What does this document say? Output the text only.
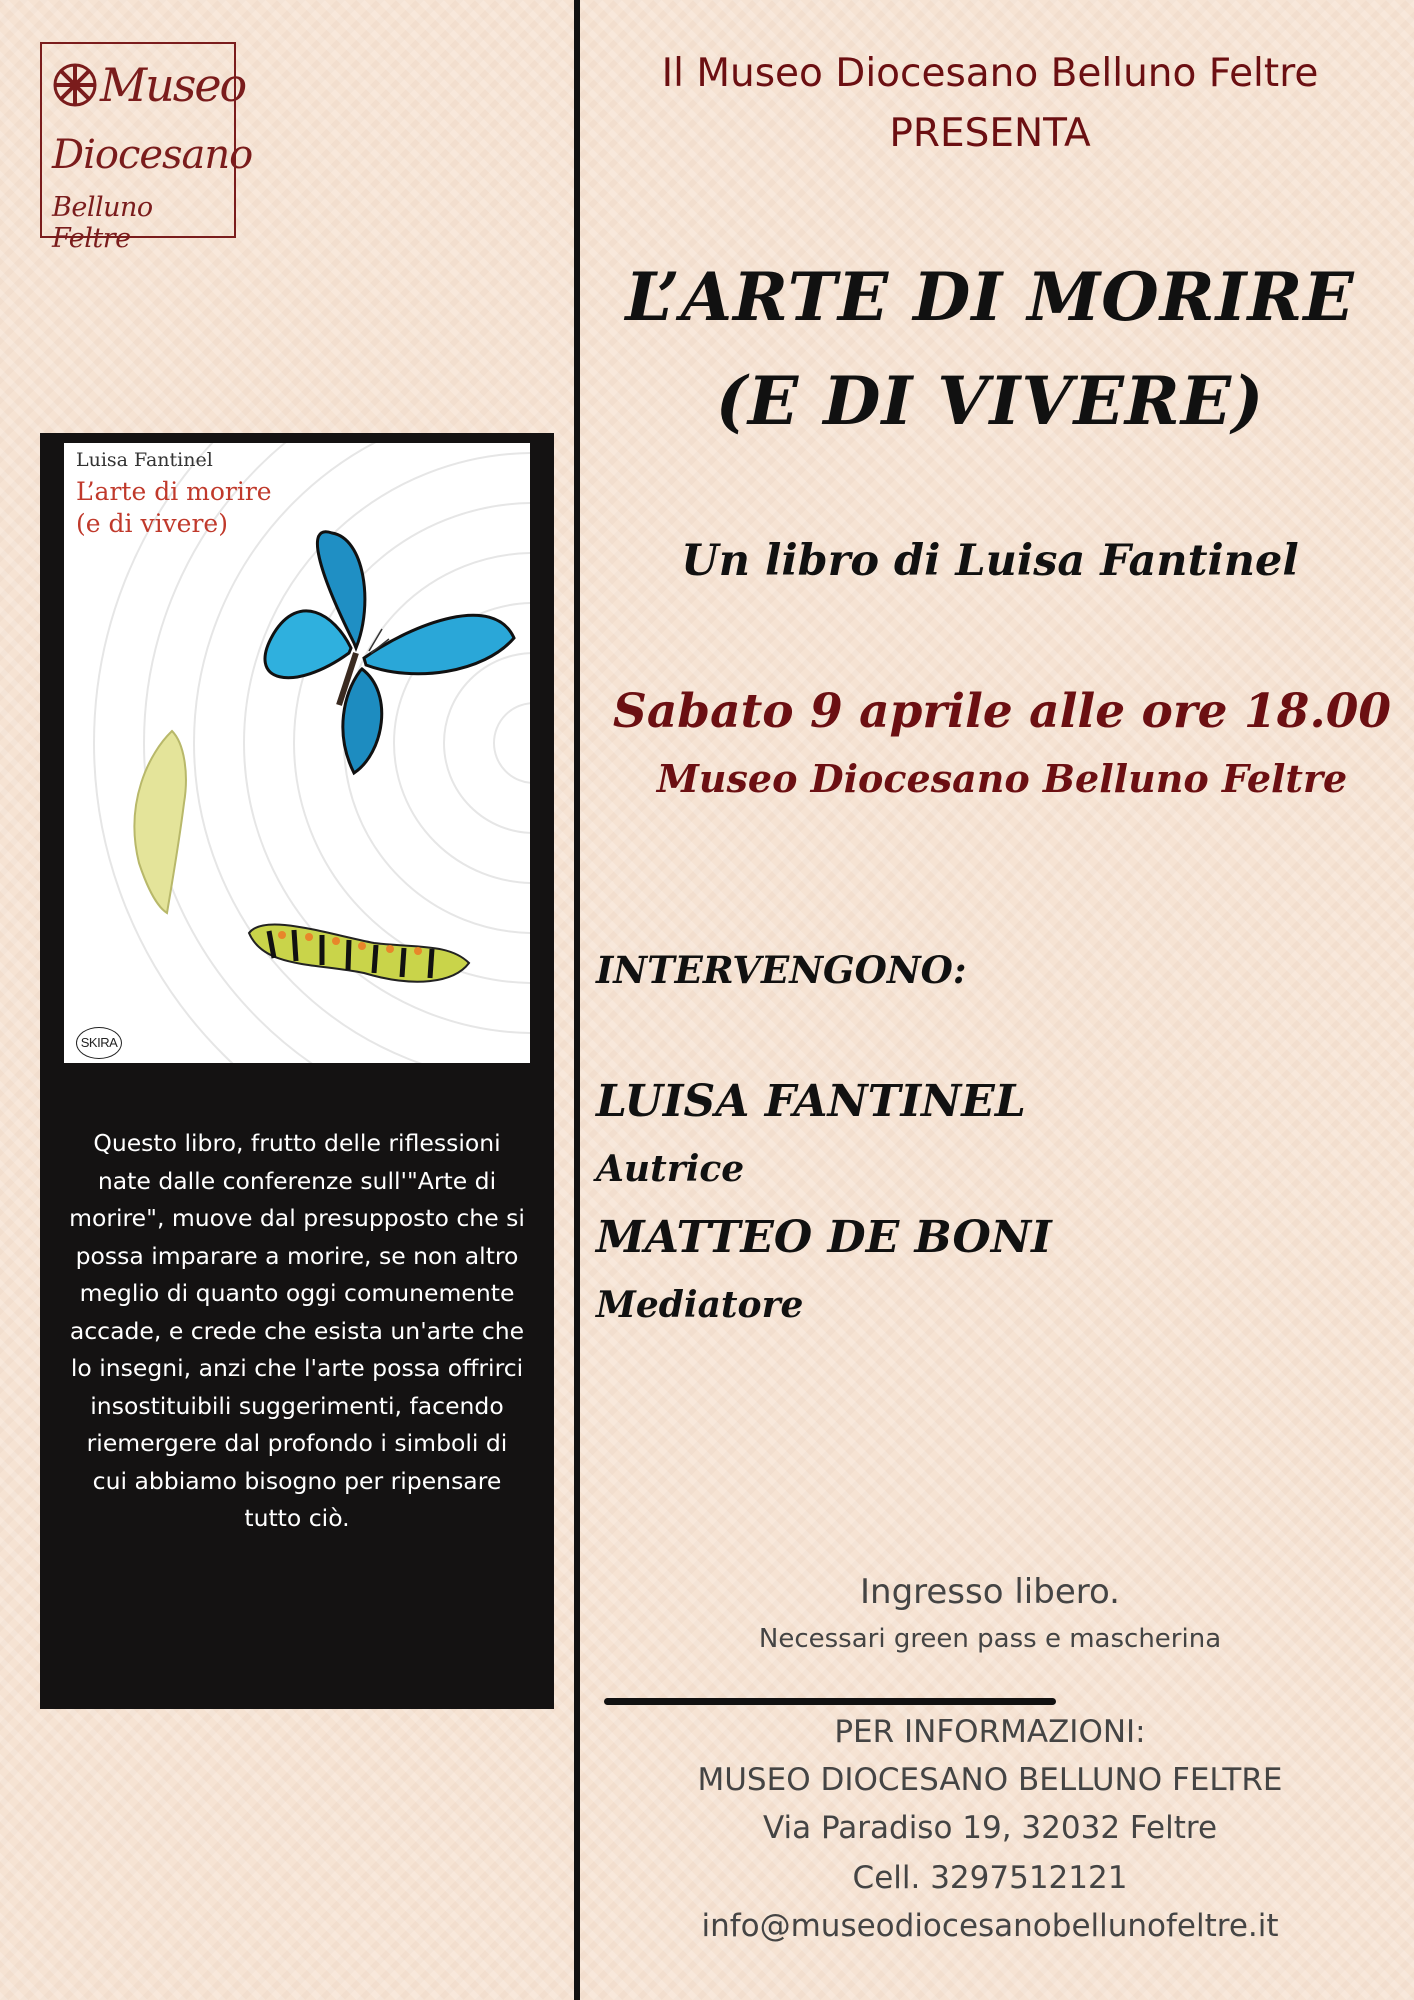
Museo
Diocesano
Belluno Feltre
Luisa Fantinel
L’arte di morire
(e di vivere)
SKIRA
Questo libro, frutto delle riflessioni nate dalle conferenze sull'"Arte di morire", muove dal presupposto che si possa imparare a morire, se non altro meglio di quanto oggi comunemente accade, e crede che esista un'arte che lo insegni, anzi che l'arte possa offrirci insostituibili suggerimenti, facendo riemergere dal profondo i simboli di cui abbiamo bisogno per ripensare tutto ciò.
Il Museo Diocesano Belluno Feltre
PRESENTA
L’ARTE DI MORIRE
(E DI VIVERE)
Un libro di Luisa Fantinel
Sabato 9 aprile alle ore 18.00
Museo Diocesano Belluno Feltre
INTERVENGONO:
LUISA FANTINEL
Autrice
MATTEO DE BONI
Mediatore
Ingresso libero.
Necessari green pass e mascherina
PER INFORMAZIONI:
MUSEO DIOCESANO BELLUNO FELTRE
Via Paradiso 19, 32032 Feltre
Cell. 3297512121
info@museodiocesanobellunofeltre.it
